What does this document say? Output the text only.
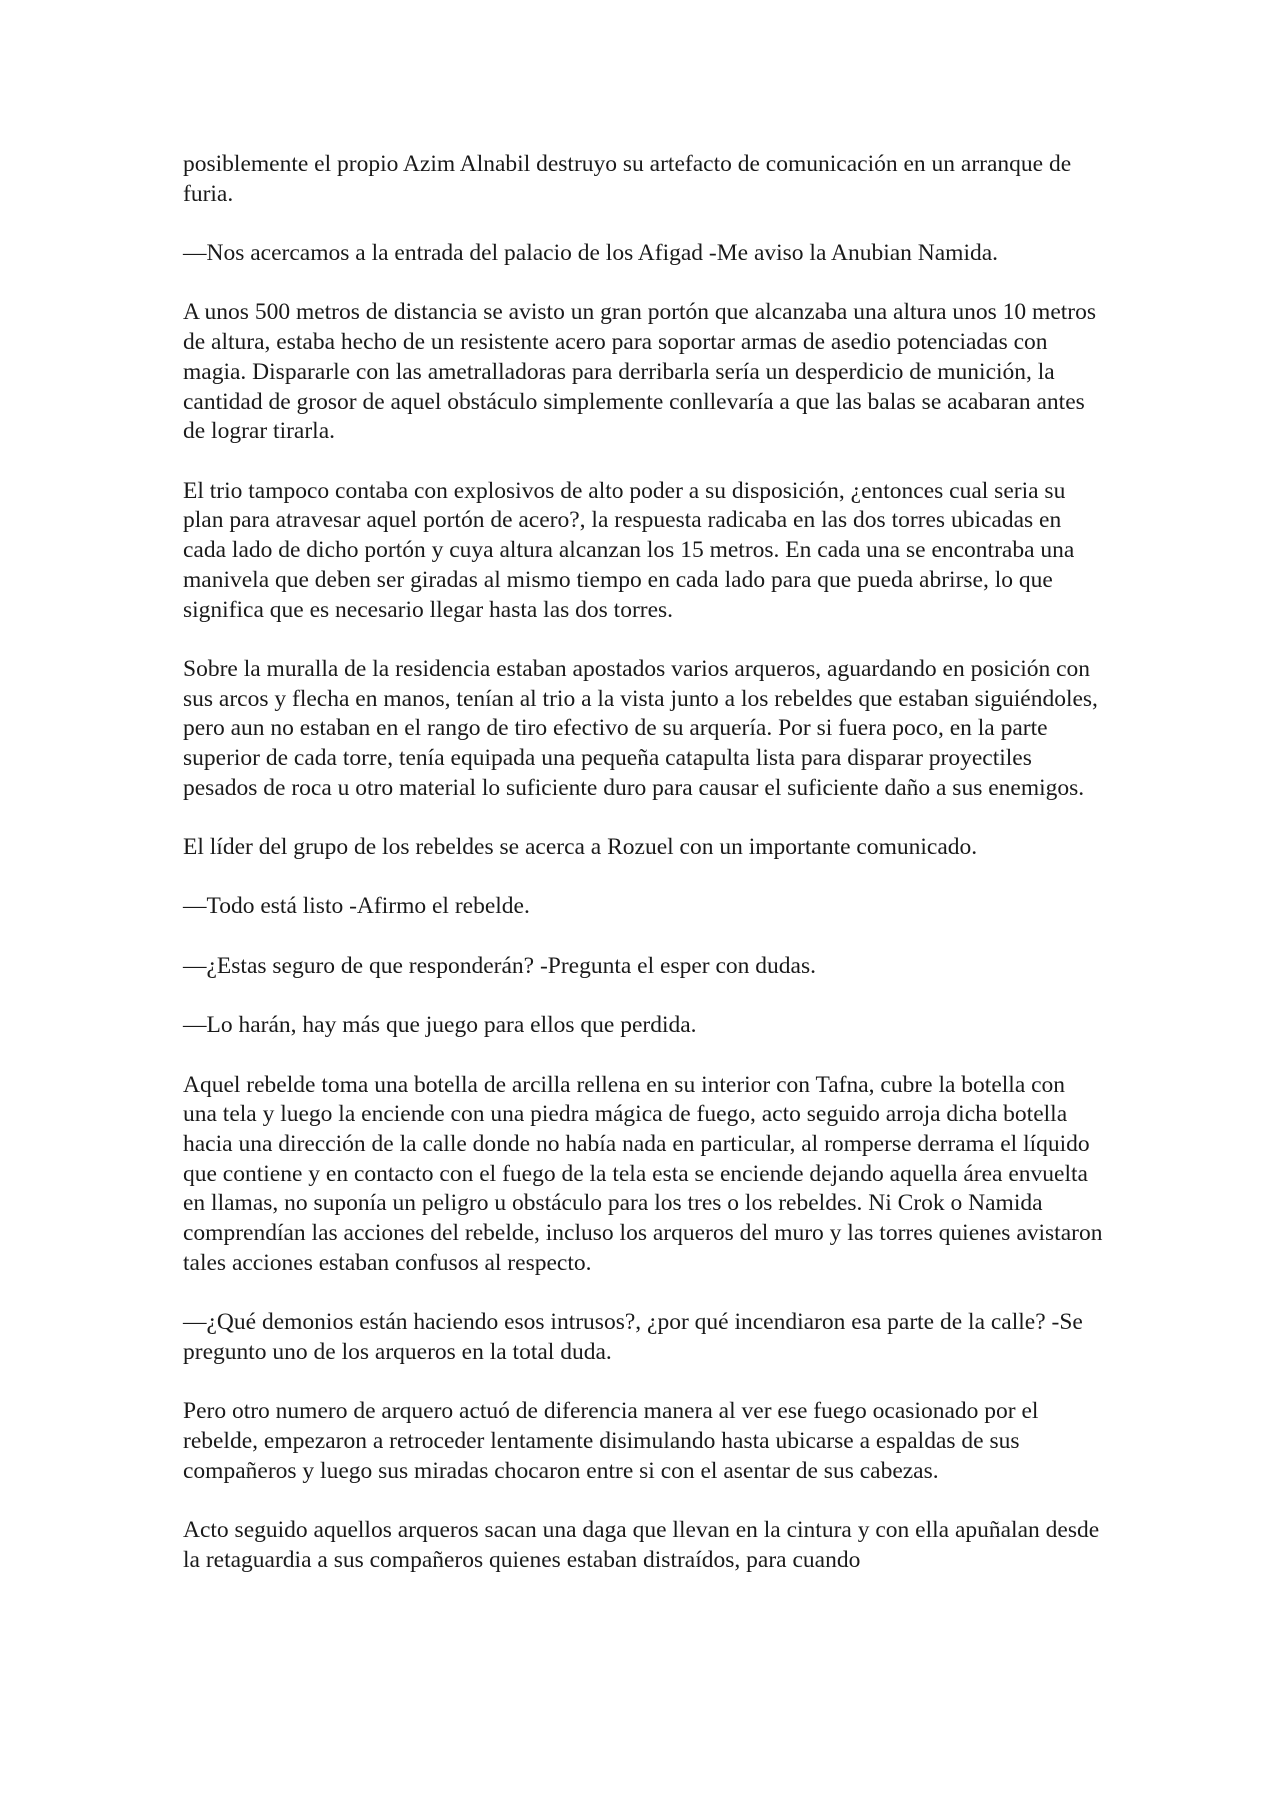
posiblemente el propio Azim Alnabil destruyo su artefacto de comunicación en un arranque de furia.

—Nos acercamos a la entrada del palacio de los Afigad -Me aviso la Anubian Namida.

A unos 500 metros de distancia se avisto un gran portón que alcanzaba una altura unos 10 metros de altura, estaba hecho de un resistente acero para soportar armas de asedio potenciadas con magia. Dispararle con las ametralladoras para derribarla sería un desperdicio de munición, la cantidad de grosor de aquel obstáculo simplemente conllevaría a que las balas se acabaran antes de lograr tirarla.

El trio tampoco contaba con explosivos de alto poder a su disposición, ¿entonces cual seria su plan para atravesar aquel portón de acero?, la respuesta radicaba en las dos torres ubicadas en cada lado de dicho portón y cuya altura alcanzan los 15 metros. En cada una se encontraba una manivela que deben ser giradas al mismo tiempo en cada lado para que pueda abrirse, lo que significa que es necesario llegar hasta las dos torres.

Sobre la muralla de la residencia estaban apostados varios arqueros, aguardando en posición con sus arcos y flecha en manos, tenían al trio a la vista junto a los rebeldes que estaban siguiéndoles, pero aun no estaban en el rango de tiro efectivo de su arquería. Por si fuera poco, en la parte superior de cada torre, tenía equipada una pequeña catapulta lista para disparar proyectiles pesados de roca u otro material lo suficiente duro para causar el suficiente daño a sus enemigos.

El líder del grupo de los rebeldes se acerca a Rozuel con un importante comunicado.

—Todo está listo -Afirmo el rebelde.

—¿Estas seguro de que responderán? -Pregunta el esper con dudas.

—Lo harán, hay más que juego para ellos que perdida.

Aquel rebelde toma una botella de arcilla rellena en su interior con Tafna, cubre la botella con una tela y luego la enciende con una piedra mágica de fuego, acto seguido arroja dicha botella hacia una dirección de la calle donde no había nada en particular, al romperse derrama el líquido que contiene y en contacto con el fuego de la tela esta se enciende dejando aquella área envuelta en llamas, no suponía un peligro u obstáculo para los tres o los rebeldes. Ni Crok o Namida comprendían las acciones del rebelde, incluso los arqueros del muro y las torres quienes avistaron tales acciones estaban confusos al respecto.

—¿Qué demonios están haciendo esos intrusos?, ¿por qué incendiaron esa parte de la calle? -Se pregunto uno de los arqueros en la total duda.

Pero otro numero de arquero actuó de diferencia manera al ver ese fuego ocasionado por el rebelde, empezaron a retroceder lentamente disimulando hasta ubicarse a espaldas de sus compañeros y luego sus miradas chocaron entre si con el asentar de sus cabezas.

Acto seguido aquellos arqueros sacan una daga que llevan en la cintura y con ella apuñalan desde la retaguardia a sus compañeros quienes estaban distraídos, para cuando
